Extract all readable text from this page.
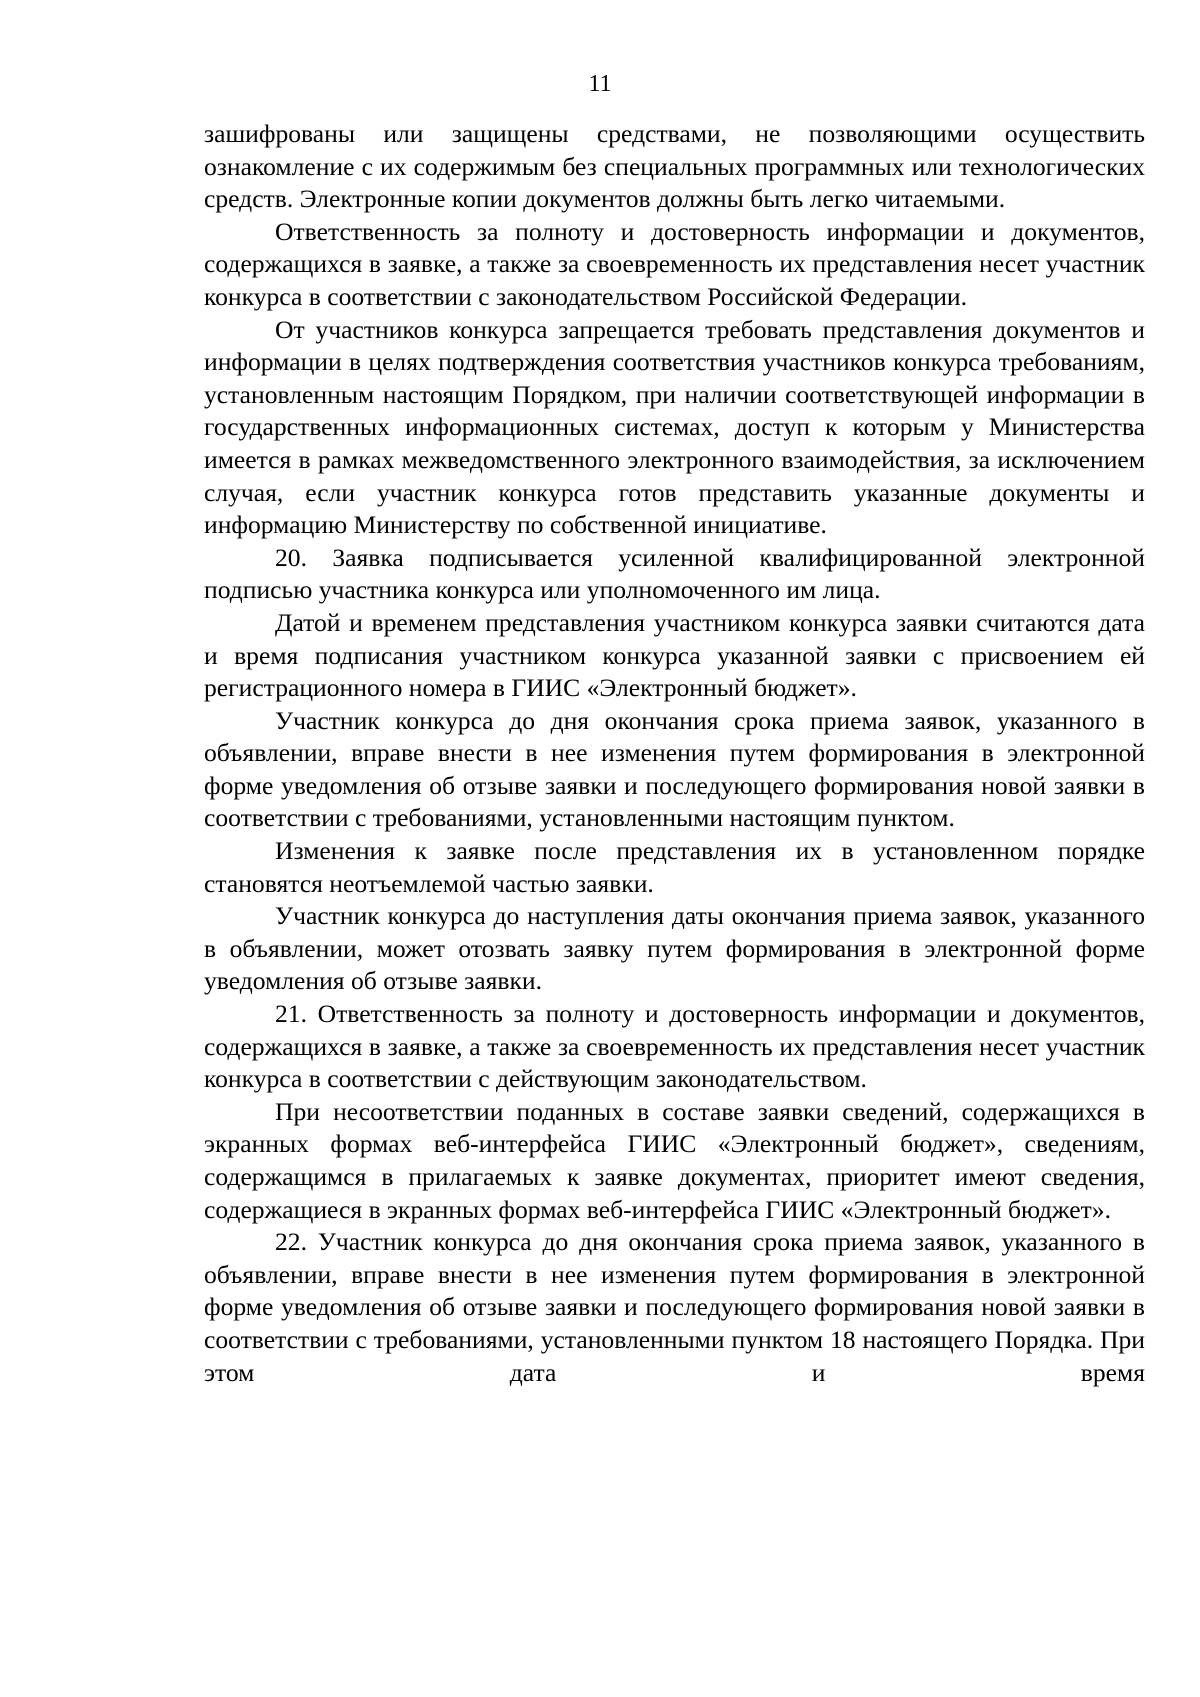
11

зашифрованы или защищены средствами, не позволяющими осуществить ознакомление с их содержимым без специальных программных или технологических средств. Электронные копии документов должны быть легко читаемыми.

Ответственность за полноту и достоверность информации и документов, содержащихся в заявке, а также за своевременность их представления несет участник конкурса в соответствии с законодательством Российской Федерации.

От участников конкурса запрещается требовать представления документов и информации в целях подтверждения соответствия участников конкурса требованиям, установленным настоящим Порядком, при наличии соответствующей информации в государственных информационных системах, доступ к которым у Министерства имеется в рамках межведомственного электронного взаимодействия, за исключением случая, если участник конкурса готов представить указанные документы и информацию Министерству по собственной инициативе.

20. Заявка подписывается усиленной квалифицированной электронной подписью участника конкурса или уполномоченного им лица.

Датой и временем представления участником конкурса заявки считаются дата и время подписания участником конкурса указанной заявки с присвоением ей регистрационного номера в ГИИС «Электронный бюджет».

Участник конкурса до дня окончания срока приема заявок, указанного в объявлении, вправе внести в нее изменения путем формирования в электронной форме уведомления об отзыве заявки и последующего формирования новой заявки в соответствии с требованиями, установленными настоящим пунктом.

Изменения к заявке после представления их в установленном порядке становятся неотъемлемой частью заявки.

Участник конкурса до наступления даты окончания приема заявок, указанного в объявлении, может отозвать заявку путем формирования в электронной форме уведомления об отзыве заявки.

21. Ответственность за полноту и достоверность информации и документов, содержащихся в заявке, а также за своевременность их представления несет участник конкурса в соответствии с действующим законодательством.

При несоответствии поданных в составе заявки сведений, содержащихся в экранных формах веб-интерфейса ГИИС «Электронный бюджет», сведениям, содержащимся в прилагаемых к заявке документах, приоритет имеют сведения, содержащиеся в экранных формах веб-интерфейса ГИИС «Электронный бюджет».

22. Участник конкурса до дня окончания срока приема заявок, указанного в объявлении, вправе внести в нее изменения путем формирования в электронной форме уведомления об отзыве заявки и последующего формирования новой заявки в соответствии с требованиями, установленными пунктом 18 настоящего Порядка. При этом дата и время
